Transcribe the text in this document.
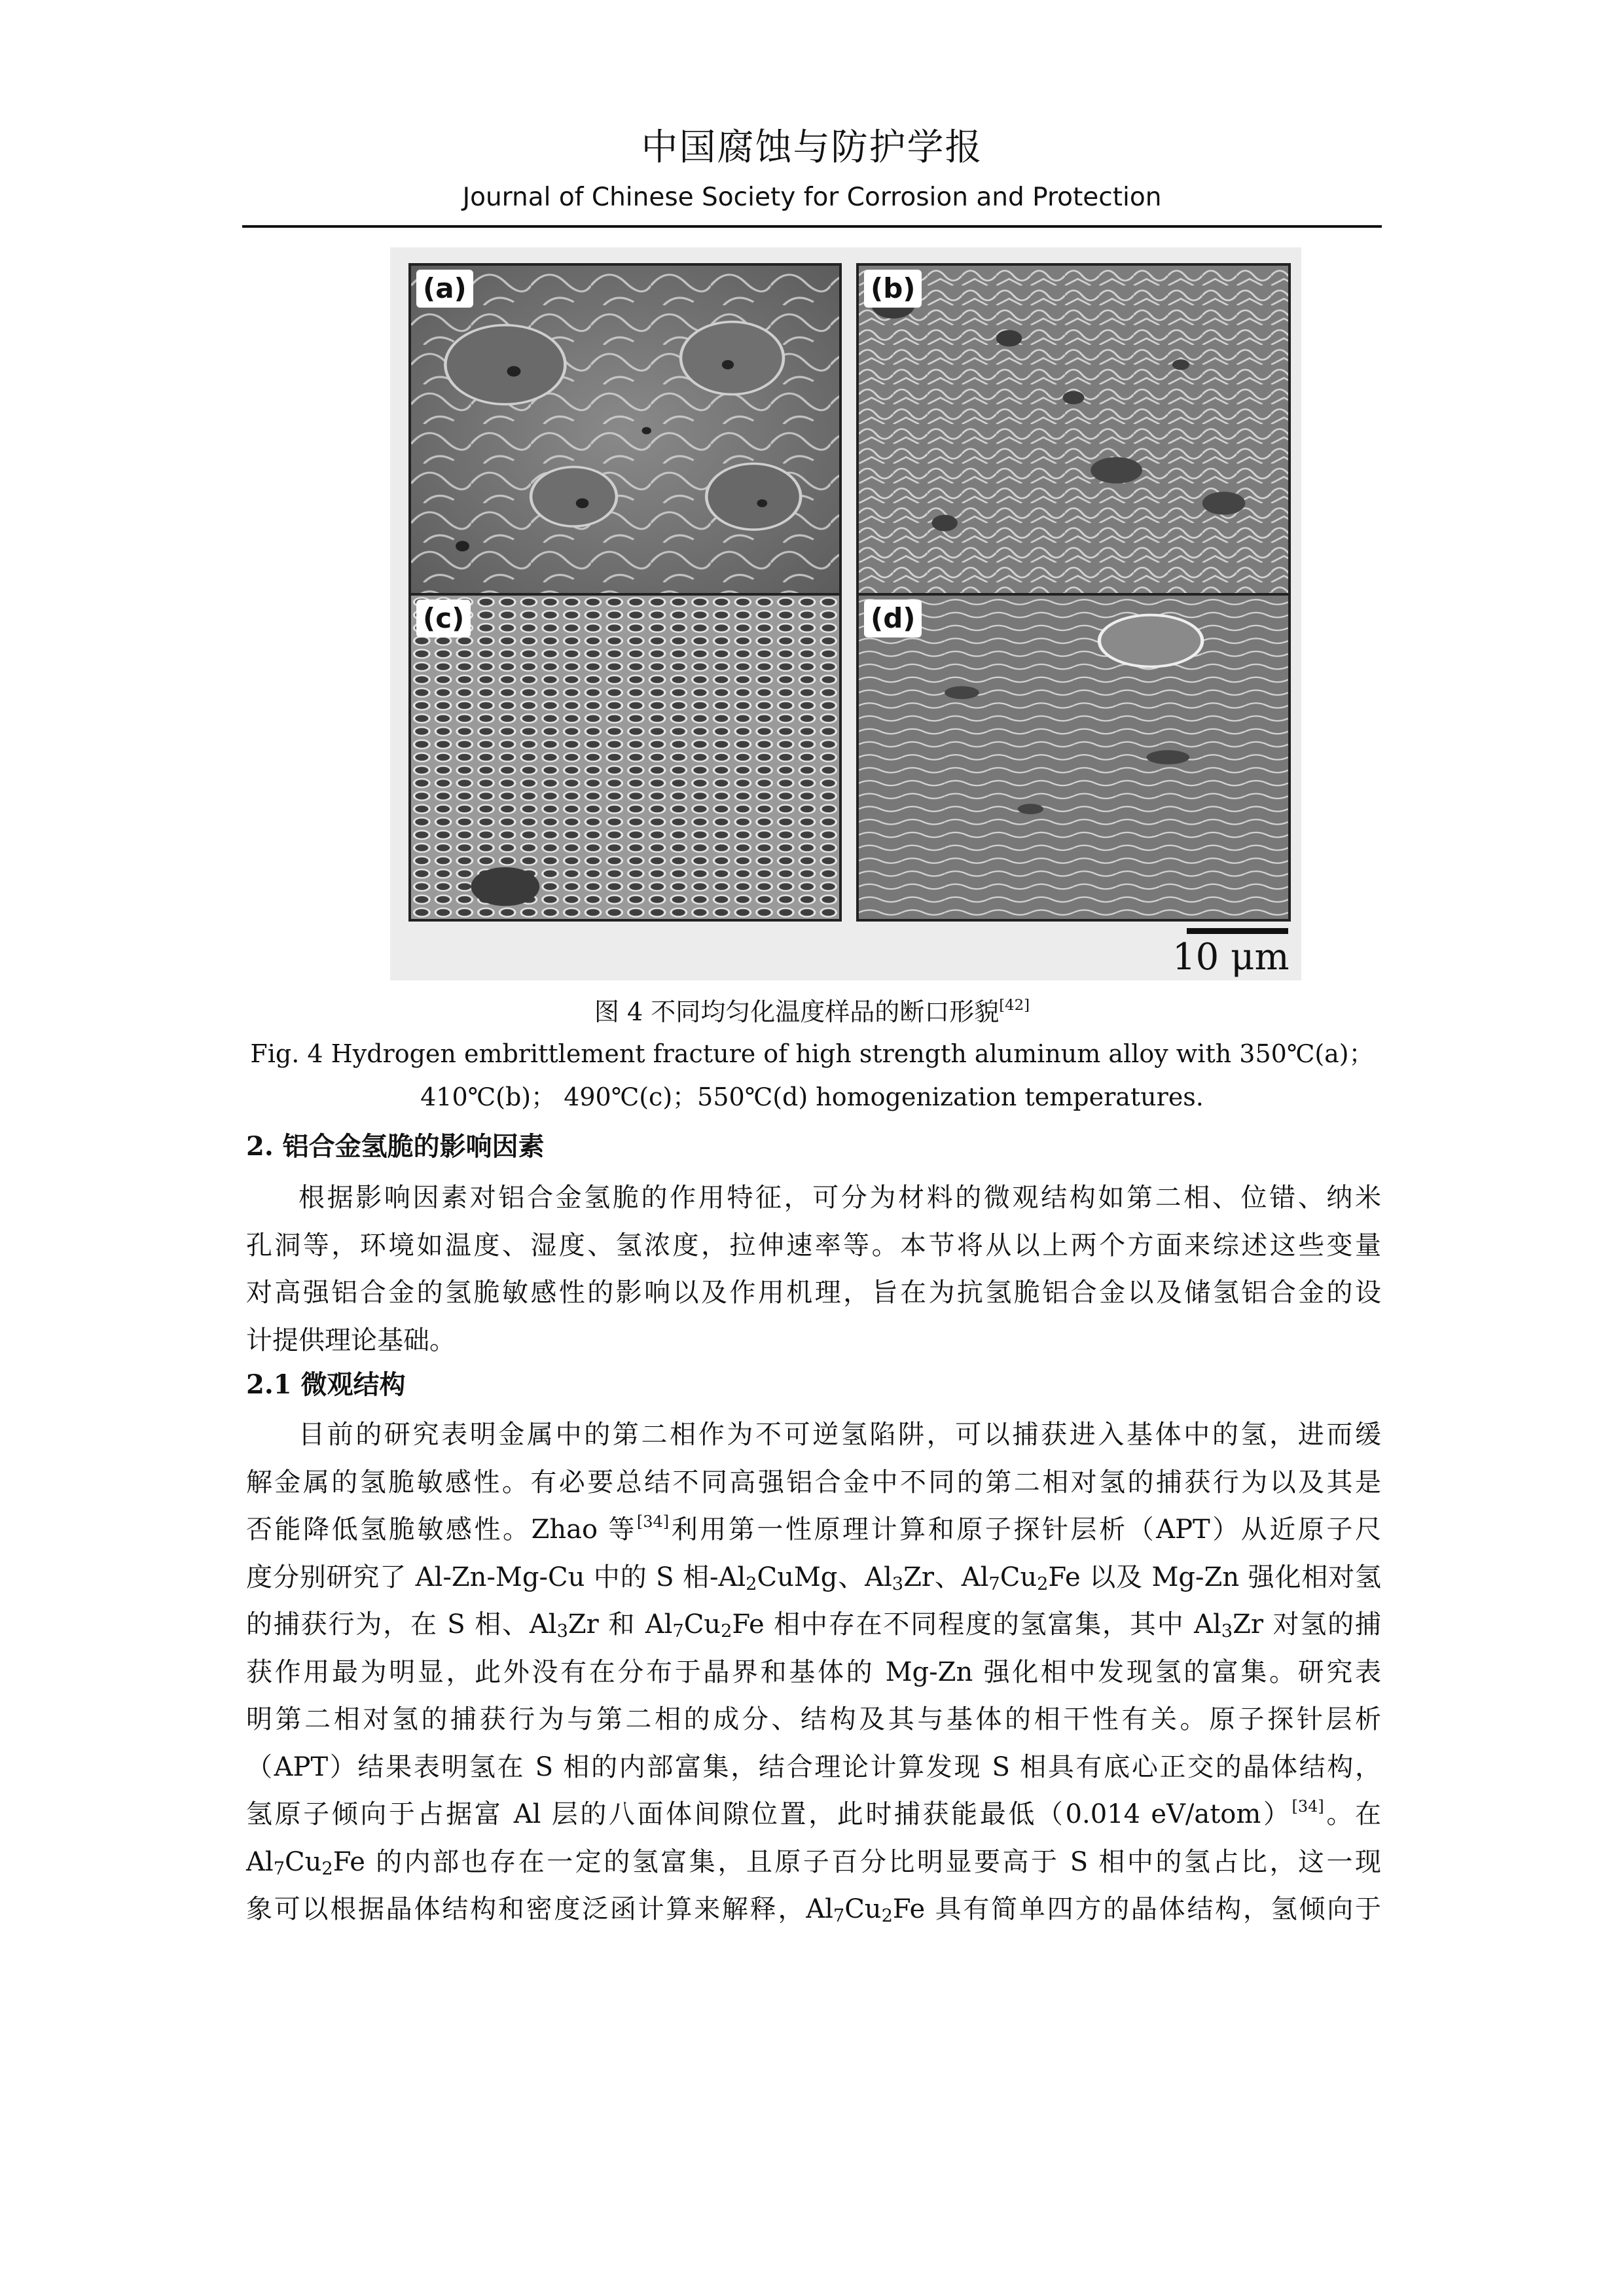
中国腐蚀与防护学报
Journal of Chinese Society for Corrosion and Protection
(a)	(b)
(c)	(d)
10 μm
图 4 不同均匀化温度样品的断口形貌[42]
Fig. 4 Hydrogen embrittlement fracture of high strength aluminum alloy with 350℃(a)；
410℃(b)； 490℃(c)；550℃(d) homogenization temperatures.
2. 铝合金氢脆的影响因素

根据影响因素对铝合金氢脆的作用特征，可分为材料的微观结构如第二相、位错、纳米
孔洞等，环境如温度、湿度、氢浓度，拉伸速率等。本节将从以上两个方面来综述这些变量
对高强铝合金的氢脆敏感性的影响以及作用机理，旨在为抗氢脆铝合金以及储氢铝合金的设
计提供理论基础。

2.1 微观结构

目前的研究表明金属中的第二相作为不可逆氢陷阱，可以捕获进入基体中的氢，进而缓
解金属的氢脆敏感性。有必要总结不同高强铝合金中不同的第二相对氢的捕获行为以及其是
否能降低氢脆敏感性。Zhao 等[34]利用第一性原理计算和原子探针层析（APT）从近原子尺
度分别研究了 Al-Zn-Mg-Cu 中的 S 相$-Al_2CuMg$、$Al_3Zr$、$Al_7Cu_2Fe$ 以及 Mg-Zn 强化相对氢
的捕获行为，在 S 相、$Al_3Zr$ 和 $Al_7Cu_2Fe$ 相中存在不同程度的氢富集，其中 $Al_3Zr$ 对氢的捕
获作用最为明显，此外没有在分布于晶界和基体的 Mg-Zn 强化相中发现氢的富集。研究表
明第二相对氢的捕获行为与第二相的成分、结构及其与基体的相干性有关。原子探针层析
（APT）结果表明氢在 S 相的内部富集，结合理论计算发现 S 相具有底心正交的晶体结构，
氢原子倾向于占据富 Al 层的八面体间隙位置，此时捕获能最低（0.014 eV/atom）[34]。在
$Al_7Cu_2Fe$ 的内部也存在一定的氢富集，且原子百分比明显要高于 S 相中的氢占比，这一现
象可以根据晶体结构和密度泛函计算来解释，$Al_7Cu_2Fe$ 具有简单四方的晶体结构，氢倾向于
